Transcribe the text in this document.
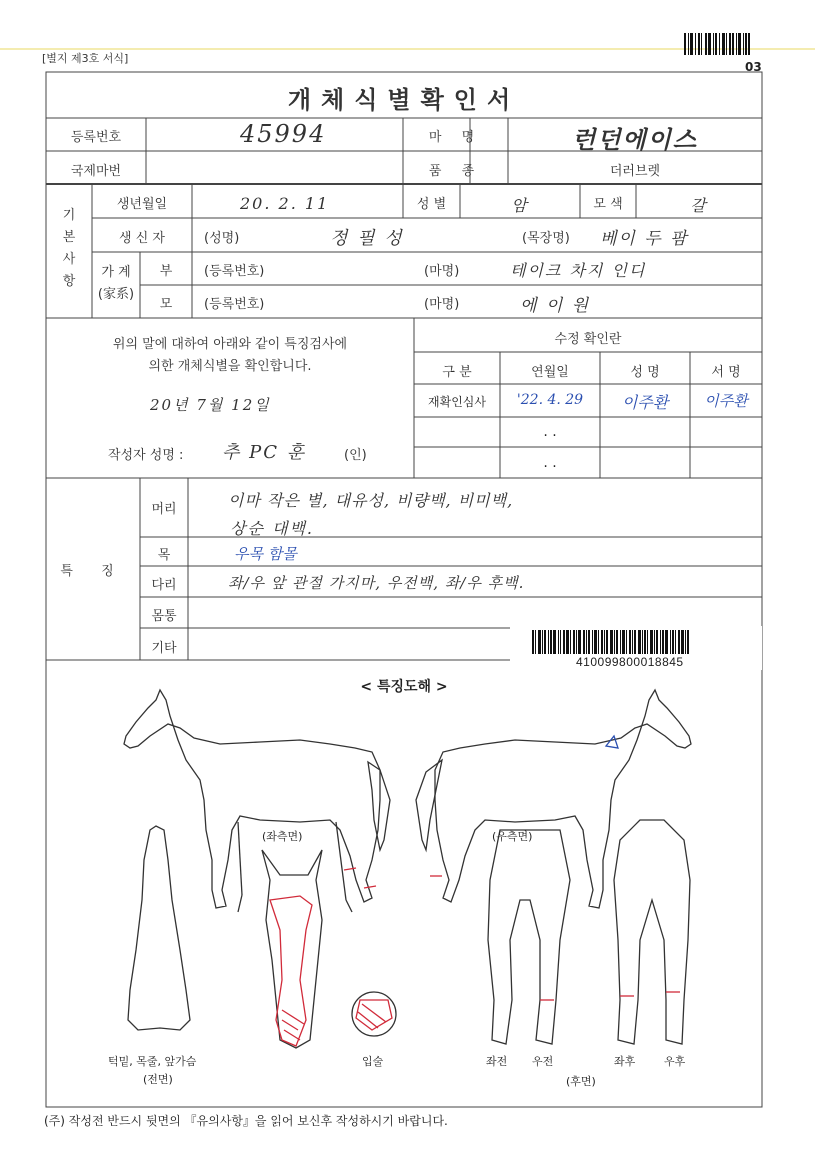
[별지 제3호 서식]
03
개체식별확인서
등록번호	45994	마 명	런던에이스
국제마번	품 종	더러브렛
기본사항
생년월일	20. 2. 11	성 별	암	모 색	갈
생 신 자	(성명)	정 필 성	(목장명) 베이 두 팜
가 계
(家系)
부	(등록번호)	(마명)	테이크 차지 인디
모	(등록번호)	(마명)	에 이 원
위의 말에 대하여 아래와 같이 특징검사에
의한 개체식별을 확인합니다.
20년 7월 12일
작성자 성명 : 추 PC 훈	(인)
수정 확인란
구 분	연월일	성 명	서 명
재확인심사	'22. 4. 29	이주환	이주환
. .
. .
특 징
머리	이마 작은 별, 대유성, 비량백, 비미백,
상순 대백.
목	우목 함몰
다리	좌/우 앞 관절 가지마, 우전백, 좌/우 후백.
몸통
기타
410099800018845
< 특징도해 >
(좌측면)	(우측면)
턱밑, 목줄, 앞가슴
(전면)
입술	좌전 우전	좌후	우후
(후면)
(주) 작성전 반드시 뒷면의 『유의사항』을 읽어 보신후 작성하시기 바랍니다.
